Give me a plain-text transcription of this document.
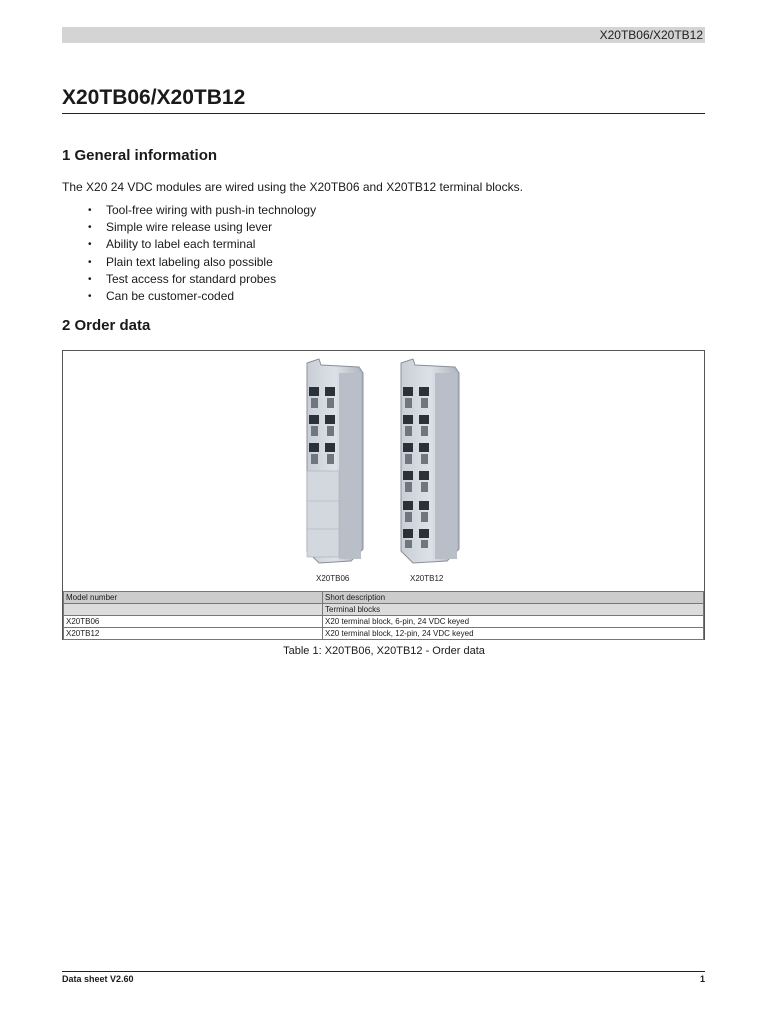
X20TB06/X20TB12
X20TB06/X20TB12
1 General information

The X20 24 VDC modules are wired using the X20TB06 and X20TB12 terminal blocks.

• Tool-free wiring with push-in technology
• Simple wire release using lever
• Ability to label each terminal
• Plain text labeling also possible
• Test access for standard probes
• Can be customer-coded
2 Order data
X20TB06	X20TB12
Model number	Short description
	Terminal blocks
X20TB06	X20 terminal block, 6-pin, 24 VDC keyed
X20TB12	X20 terminal block, 12-pin, 24 VDC keyed
Table 1: X20TB06, X20TB12 - Order data
Data sheet V2.60	1
